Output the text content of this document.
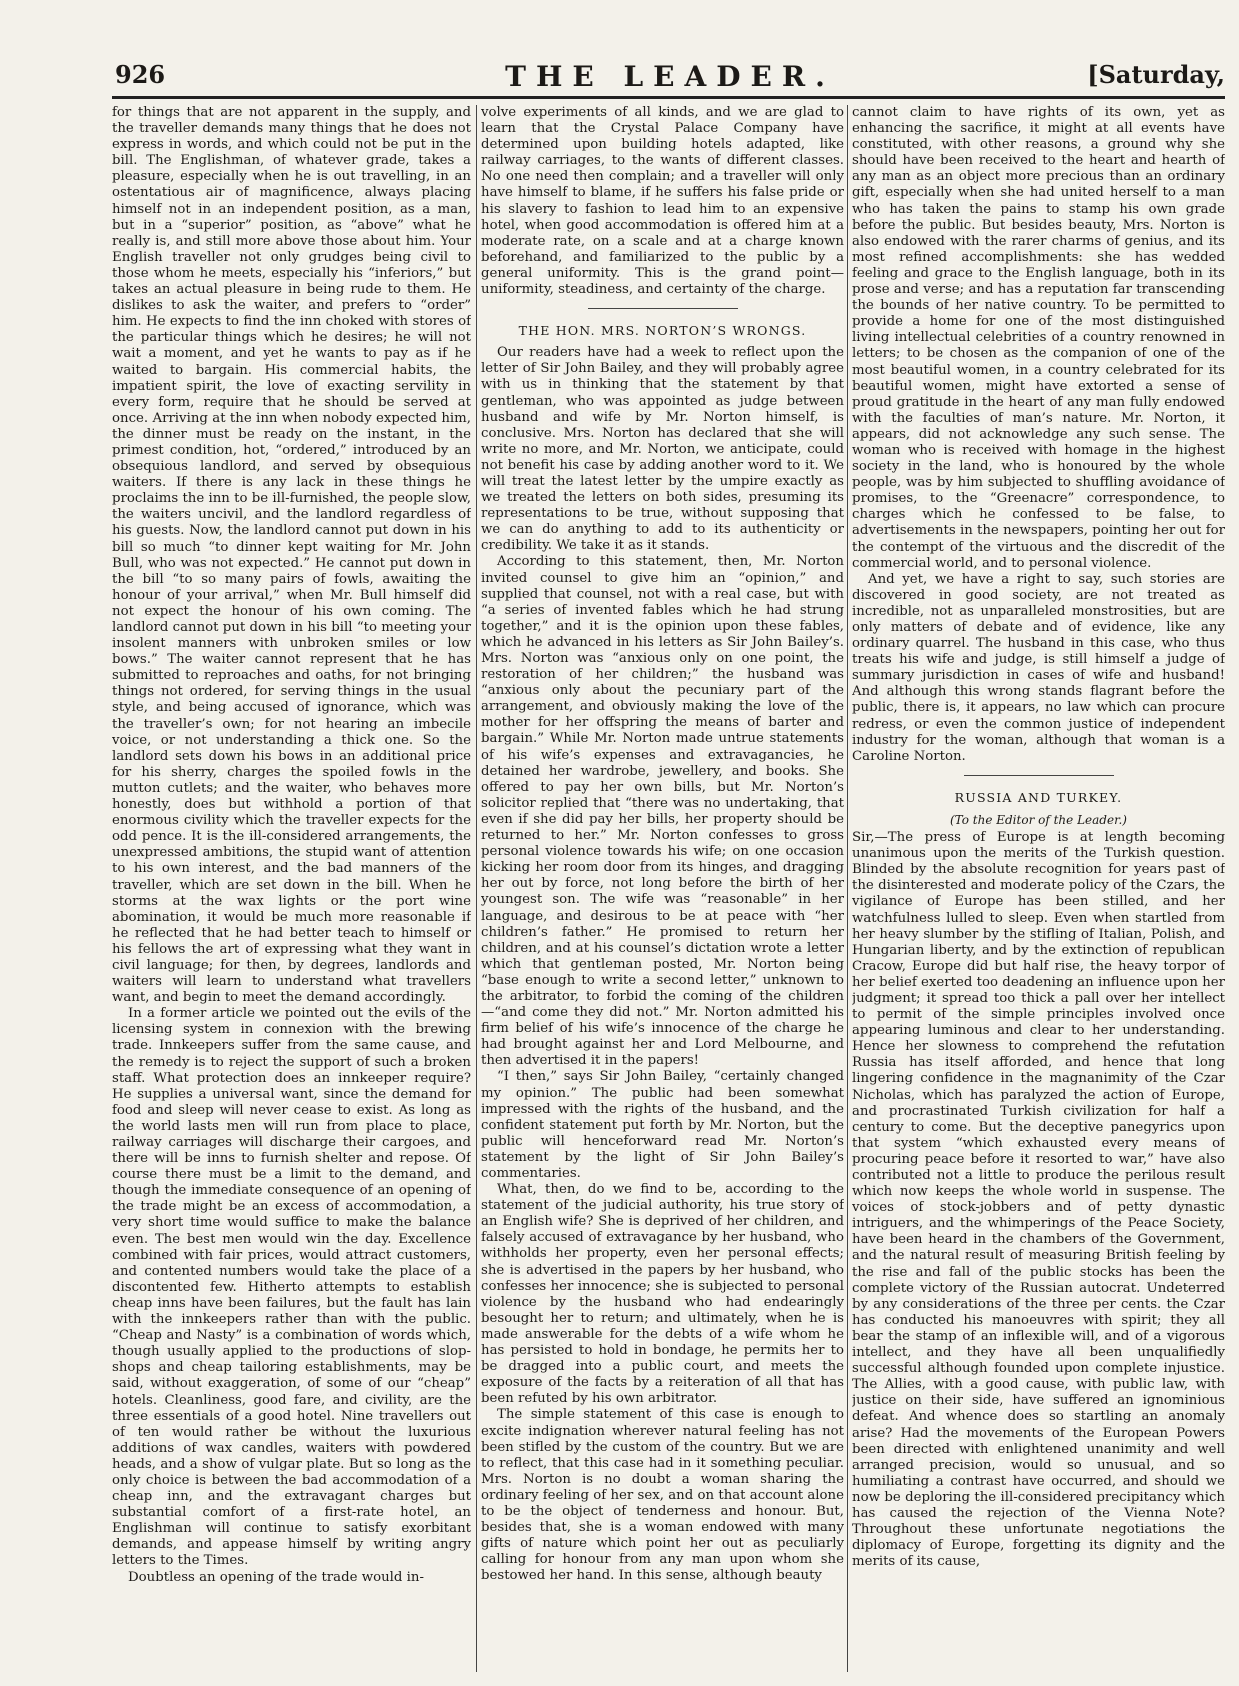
926	THE LEADER.	[Saturday,

for things that are not apparent in the supply, and the traveller demands many things that he does not express in words, and which could not be put in the bill. The Englishman, of whatever grade, takes a pleasure, especially when he is out travelling, in an ostentatious air of magnificence, always placing himself not in an independent position, as a man, but in a “superior” position, as “above” what he really is, and still more above those about him. Your English traveller not only grudges being civil to those whom he meets, especially his “inferiors,” but takes an actual pleasure in being rude to them. He dislikes to ask the waiter, and prefers to “order” him. He expects to find the inn choked with stores of the particular things which he desires; he will not wait a moment, and yet he wants to pay as if he waited to bargain. His commercial habits, the impatient spirit, the love of exacting servility in every form, require that he should be served at once. Arriving at the inn when nobody expected him, the dinner must be ready on the instant, in the primest condition, hot, “ordered,” introduced by an obsequious landlord, and served by obsequious waiters. If there is any lack in these things he proclaims the inn to be ill-furnished, the people slow, the waiters uncivil, and the landlord regardless of his guests. Now, the landlord cannot put down in his bill so much “to dinner kept waiting for Mr. John Bull, who was not expected.” He cannot put down in the bill “to so many pairs of fowls, awaiting the honour of your arrival,” when Mr. Bull himself did not expect the honour of his own coming. The landlord cannot put down in his bill “to meeting your insolent manners with unbroken smiles or low bows.” The waiter cannot represent that he has submitted to reproaches and oaths, for not bringing things not ordered, for serving things in the usual style, and being accused of ignorance, which was the traveller’s own; for not hearing an imbecile voice, or not understanding a thick one. So the landlord sets down his bows in an additional price for his sherry, charges the spoiled fowls in the mutton cutlets; and the waiter, who behaves more honestly, does but withhold a portion of that enormous civility which the traveller expects for the odd pence. It is the ill-considered arrangements, the unexpressed ambitions, the stupid want of attention to his own interest, and the bad manners of the traveller, which are set down in the bill. When he storms at the wax lights or the port wine abomination, it would be much more reasonable if he reflected that he had better teach to himself or his fellows the art of expressing what they want in civil language; for then, by degrees, landlords and waiters will learn to understand what travellers want, and begin to meet the demand accordingly.

In a former article we pointed out the evils of the licensing system in connexion with the brewing trade. Innkeepers suffer from the same cause, and the remedy is to reject the support of such a broken staff. What protection does an innkeeper require? He supplies a universal want, since the demand for food and sleep will never cease to exist. As long as the world lasts men will run from place to place, railway carriages will discharge their cargoes, and there will be inns to furnish shelter and repose. Of course there must be a limit to the demand, and though the immediate consequence of an opening of the trade might be an excess of accommodation, a very short time would suffice to make the balance even. The best men would win the day. Excellence combined with fair prices, would attract customers, and contented numbers would take the place of a discontented few. Hitherto attempts to establish cheap inns have been failures, but the fault has lain with the innkeepers rather than with the public. “Cheap and Nasty” is a combination of words which, though usually applied to the productions of slop-shops and cheap tailoring establishments, may be said, without exaggeration, of some of our “cheap” hotels. Cleanliness, good fare, and civility, are the three essentials of a good hotel. Nine travellers out of ten would rather be without the luxurious additions of wax candles, waiters with powdered heads, and a show of vulgar plate. But so long as the only choice is between the bad accommodation of a cheap inn, and the extravagant charges but substantial comfort of a first-rate hotel, an Englishman will continue to satisfy exorbitant demands, and appease himself by writing angry letters to the Times.

Doubtless an opening of the trade would in-

volve experiments of all kinds, and we are glad to learn that the Crystal Palace Company have determined upon building hotels adapted, like railway carriages, to the wants of different classes. No one need then complain; and a traveller will only have himself to blame, if he suffers his false pride or his slavery to fashion to lead him to an expensive hotel, when good accommodation is offered him at a moderate rate, on a scale and at a charge known beforehand, and familiarized to the public by a general uniformity. This is the grand point—uniformity, steadiness, and certainty of the charge.

THE HON. MRS. NORTON’S WRONGS.

Our readers have had a week to reflect upon the letter of Sir John Bailey, and they will probably agree with us in thinking that the statement by that gentleman, who was appointed as judge between husband and wife by Mr. Norton himself, is conclusive. Mrs. Norton has declared that she will write no more, and Mr. Norton, we anticipate, could not benefit his case by adding another word to it. We will treat the latest letter by the umpire exactly as we treated the letters on both sides, presuming its representations to be true, without supposing that we can do anything to add to its authenticity or credibility. We take it as it stands.

According to this statement, then, Mr. Norton invited counsel to give him an “opinion,” and supplied that counsel, not with a real case, but with “a series of invented fables which he had strung together,” and it is the opinion upon these fables, which he advanced in his letters as Sir John Bailey’s. Mrs. Norton was “anxious only on one point, the restoration of her children;” the husband was “anxious only about the pecuniary part of the arrangement, and obviously making the love of the mother for her offspring the means of barter and bargain.” While Mr. Norton made untrue statements of his wife’s expenses and extravagancies, he detained her wardrobe, jewellery, and books. She offered to pay her own bills, but Mr. Norton’s solicitor replied that “there was no undertaking, that even if she did pay her bills, her property should be returned to her.” Mr. Norton confesses to gross personal violence towards his wife; on one occasion kicking her room door from its hinges, and dragging her out by force, not long before the birth of her youngest son. The wife was “reasonable” in her language, and desirous to be at peace with “her children’s father.” He promised to return her children, and at his counsel’s dictation wrote a letter which that gentleman posted, Mr. Norton being “base enough to write a second letter,” unknown to the arbitrator, to forbid the coming of the children—“and come they did not.” Mr. Norton admitted his firm belief of his wife’s innocence of the charge he had brought against her and Lord Melbourne, and then advertised it in the papers!

“I then,” says Sir John Bailey, “certainly changed my opinion.” The public had been somewhat impressed with the rights of the husband, and the confident statement put forth by Mr. Norton, but the public will henceforward read Mr. Norton’s statement by the light of Sir John Bailey’s commentaries.

What, then, do we find to be, according to the statement of the judicial authority, his true story of an English wife? She is deprived of her children, and falsely accused of extravagance by her husband, who withholds her property, even her personal effects; she is advertised in the papers by her husband, who confesses her innocence; she is subjected to personal violence by the husband who had endearingly besought her to return; and ultimately, when he is made answerable for the debts of a wife whom he has persisted to hold in bondage, he permits her to be dragged into a public court, and meets the exposure of the facts by a reiteration of all that has been refuted by his own arbitrator.

The simple statement of this case is enough to excite indignation wherever natural feeling has not been stifled by the custom of the country. But we are to reflect, that this case had in it something peculiar. Mrs. Norton is no doubt a woman sharing the ordinary feeling of her sex, and on that account alone to be the object of tenderness and honour. But, besides that, she is a woman endowed with many gifts of nature which point her out as peculiarly calling for honour from any man upon whom she bestowed her hand. In this sense, although beauty

cannot claim to have rights of its own, yet as enhancing the sacrifice, it might at all events have constituted, with other reasons, a ground why she should have been received to the heart and hearth of any man as an object more precious than an ordinary gift, especially when she had united herself to a man who has taken the pains to stamp his own grade before the public. But besides beauty, Mrs. Norton is also endowed with the rarer charms of genius, and its most refined accomplishments: she has wedded feeling and grace to the English language, both in its prose and verse; and has a reputation far transcending the bounds of her native country. To be permitted to provide a home for one of the most distinguished living intellectual celebrities of a country renowned in letters; to be chosen as the companion of one of the most beautiful women, in a country celebrated for its beautiful women, might have extorted a sense of proud gratitude in the heart of any man fully endowed with the faculties of man’s nature. Mr. Norton, it appears, did not acknowledge any such sense. The woman who is received with homage in the highest society in the land, who is honoured by the whole people, was by him subjected to shuffling avoidance of promises, to the “Greenacre” correspondence, to charges which he confessed to be false, to advertisements in the newspapers, pointing her out for the contempt of the virtuous and the discredit of the commercial world, and to personal violence.

And yet, we have a right to say, such stories are discovered in good society, are not treated as incredible, not as unparalleled monstrosities, but are only matters of debate and of evidence, like any ordinary quarrel. The husband in this case, who thus treats his wife and judge, is still himself a judge of summary jurisdiction in cases of wife and husband! And although this wrong stands flagrant before the public, there is, it appears, no law which can procure redress, or even the common justice of independent industry for the woman, although that woman is a Caroline Norton.

RUSSIA AND TURKEY.
(To the Editor of the Leader.)

Sir,—The press of Europe is at length becoming unanimous upon the merits of the Turkish question. Blinded by the absolute recognition for years past of the disinterested and moderate policy of the Czars, the vigilance of Europe has been stilled, and her watchfulness lulled to sleep. Even when startled from her heavy slumber by the stifling of Italian, Polish, and Hungarian liberty, and by the extinction of republican Cracow, Europe did but half rise, the heavy torpor of her belief exerted too deadening an influence upon her judgment; it spread too thick a pall over her intellect to permit of the simple principles involved once appearing luminous and clear to her understanding. Hence her slowness to comprehend the refutation Russia has itself afforded, and hence that long lingering confidence in the magnanimity of the Czar Nicholas, which has paralyzed the action of Europe, and procrastinated Turkish civilization for half a century to come. But the deceptive panegyrics upon that system “which exhausted every means of procuring peace before it resorted to war,” have also contributed not a little to produce the perilous result which now keeps the whole world in suspense. The voices of stock-jobbers and of petty dynastic intriguers, and the whimperings of the Peace Society, have been heard in the chambers of the Government, and the natural result of measuring British feeling by the rise and fall of the public stocks has been the complete victory of the Russian autocrat. Undeterred by any considerations of the three per cents. the Czar has conducted his manoeuvres with spirit; they all bear the stamp of an inflexible will, and of a vigorous intellect, and they have all been unqualifiedly successful although founded upon complete injustice. The Allies, with a good cause, with public law, with justice on their side, have suffered an ignominious defeat. And whence does so startling an anomaly arise? Had the movements of the European Powers been directed with enlightened unanimity and well arranged precision, would so unusual, and so humiliating a contrast have occurred, and should we now be deploring the ill-considered precipitancy which has caused the rejection of the Vienna Note? Throughout these unfortunate negotiations the diplomacy of Europe, forgetting its dignity and the merits of its cause,
